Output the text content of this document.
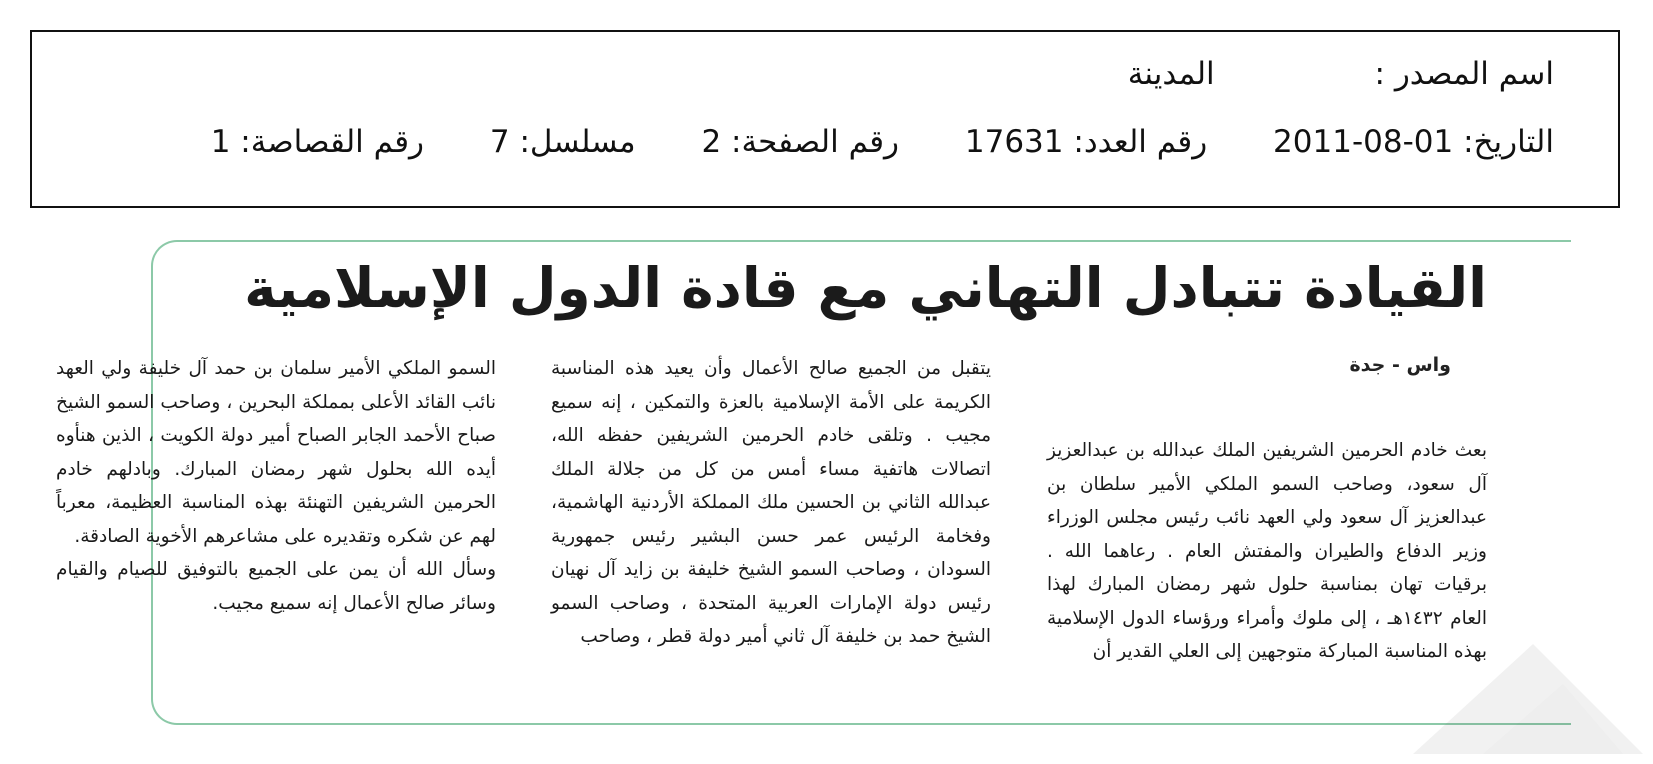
اسم المصدر : المدينة
التاريخ: 2011-08-01 رقم العدد: 17631 رقم الصفحة: 2 مسلسل: 7 رقم القصاصة: 1
القيادة تتبادل التهاني مع قادة الدول الإسلامية
واس - جدة

بعث خادم الحرمين الشريفين الملك عبدالله بن عبدالعزيز آل سعود، وصاحب السمو الملكي الأمير سلطان بن عبدالعزيز آل سعود ولي العهد نائب رئيس مجلس الوزراء وزير الدفاع والطيران والمفتش العام . رعاهما الله . برقيات تهان بمناسبة حلول شهر رمضان المبارك لهذا العام ١٤٣٢هـ ، إلى ملوك وأمراء ورؤساء الدول الإسلامية بهذه المناسبة المباركة متوجهين إلى العلي القدير أن

يتقبل من الجميع صالح الأعمال وأن يعيد هذه المناسبة الكريمة على الأمة الإسلامية بالعزة والتمكين ، إنه سميع مجيب . وتلقى خادم الحرمين الشريفين حفظه الله، اتصالات هاتفية مساء أمس من كل من جلالة الملك عبدالله الثاني بن الحسين ملك المملكة الأردنية الهاشمية، وفخامة الرئيس عمر حسن البشير رئيس جمهورية السودان ، وصاحب السمو الشيخ خليفة بن زايد آل نهيان رئيس دولة الإمارات العربية المتحدة ، وصاحب السمو الشيخ حمد بن خليفة آل ثاني أمير دولة قطر ، وصاحب

السمو الملكي الأمير سلمان بن حمد آل خليفة ولي العهد نائب القائد الأعلى بمملكة البحرين ، وصاحب السمو الشيخ صباح الأحمد الجابر الصباح أمير دولة الكويت ، الذين هنأوه أيده الله بحلول شهر رمضان المبارك. وبادلهم خادم الحرمين الشريفين التهنئة بهذه المناسبة العظيمة، معرباً لهم عن شكره وتقديره على مشاعرهم الأخوية الصادقة.

وسأل الله أن يمن على الجميع بالتوفيق للصيام والقيام وسائر صالح الأعمال إنه سميع مجيب.
